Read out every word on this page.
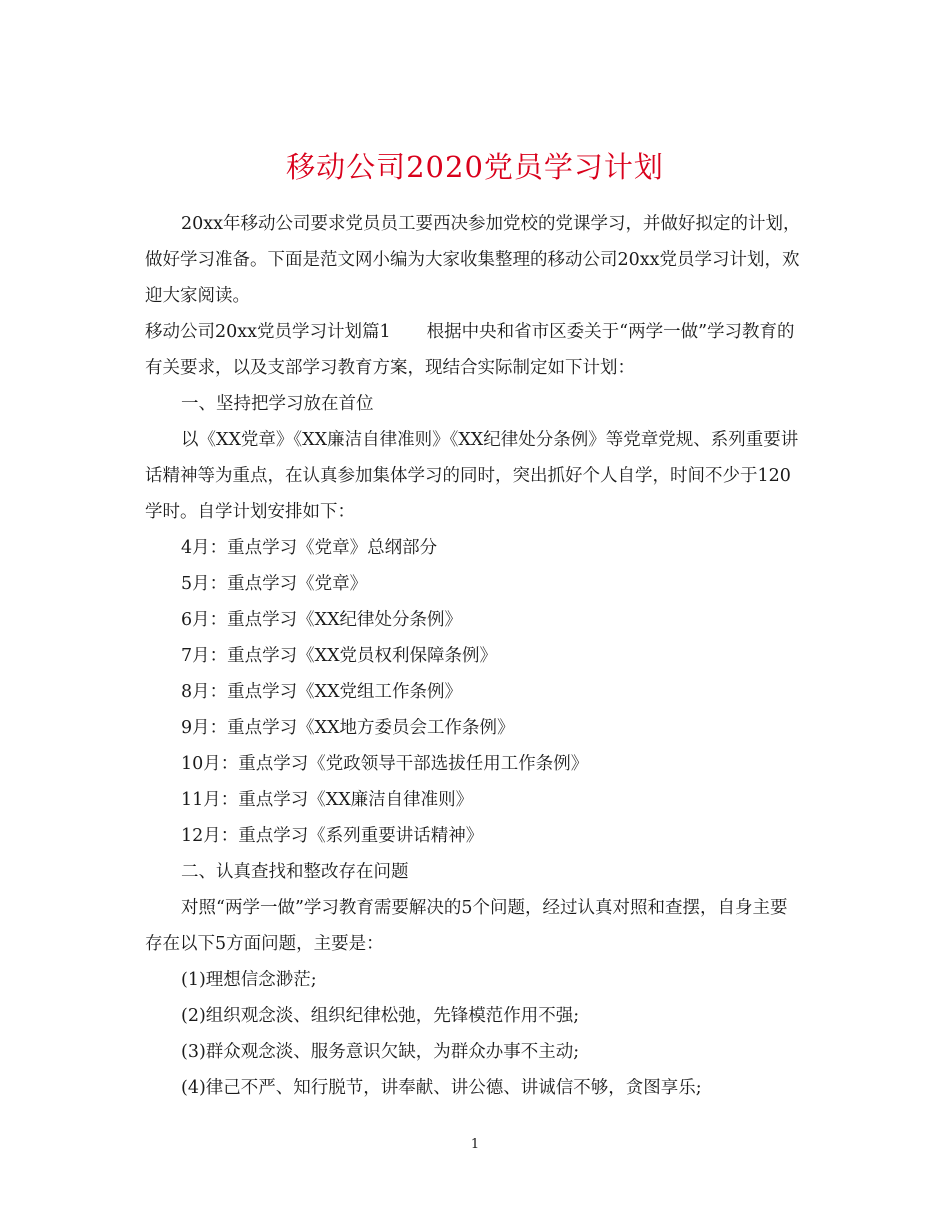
移动公司2020党员学习计划

20xx年移动公司要求党员员工要西决参加党校的党课学习，并做好拟定的计划，做好学习准备。下面是范文网小编为大家收集整理的移动公司20xx党员学习计划，欢迎大家阅读。

移动公司20xx党员学习计划篇1 根据中央和省市区委关于“两学一做”学习教育的有关要求，以及支部学习教育方案，现结合实际制定如下计划：

一、坚持把学习放在首位

以《XX党章》《XX廉洁自律准则》《XX纪律处分条例》等党章党规、系列重要讲话精神等为重点，在认真参加集体学习的同时，突出抓好个人自学，时间不少于120学时。自学计划安排如下：

4月：重点学习《党章》总纲部分

5月：重点学习《党章》

6月：重点学习《XX纪律处分条例》

7月：重点学习《XX党员权利保障条例》

8月：重点学习《XX党组工作条例》

9月：重点学习《XX地方委员会工作条例》

10月：重点学习《党政领导干部选拔任用工作条例》

11月：重点学习《XX廉洁自律准则》

12月：重点学习《系列重要讲话精神》

二、认真查找和整改存在问题

对照“两学一做”学习教育需要解决的5个问题，经过认真对照和查摆，自身主要存在以下5方面问题，主要是：

(1)理想信念渺茫;

(2)组织观念淡、组织纪律松弛，先锋模范作用不强;

(3)群众观念淡、服务意识欠缺，为群众办事不主动;

(4)律己不严、知行脱节，讲奉献、讲公德、讲诚信不够，贪图享乐;

1
